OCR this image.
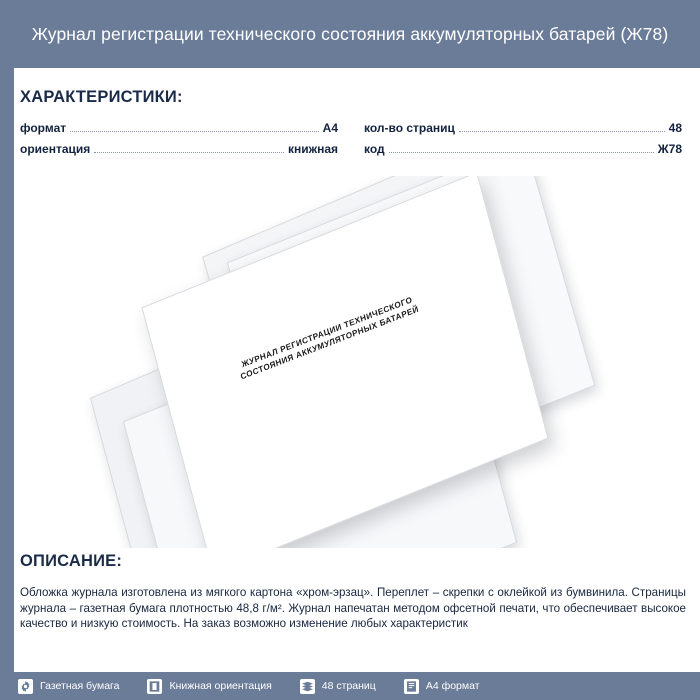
Журнал регистрации технического состояния аккумуляторных батарей (Ж78)
ХАРАКТЕРИСТИКИ:
формат	А4
ориентация	книжная
кол-во страниц	48
код	Ж78
ЖУРНАЛ РЕГИСТРАЦИИ ТЕХНИЧЕСКОГО СОСТОЯНИЯ АККУМУЛЯТОРНЫХ БАТАРЕЙ
ОПИСАНИЕ:

Обложка журнала изготовлена из мягкого картона «хром-эрзац». Переплет – скрепки с оклейкой из бумвинила. Страницы журнала – газетная бумага плотностью 48,8 г/м². Журнал напечатан методом офсетной печати, что обеспечивает высокое качество и низкую стоимость. На заказ возможно изменение любых характеристик

Газетная бумага	Книжная ориентация	48 страниц	А4 формат
